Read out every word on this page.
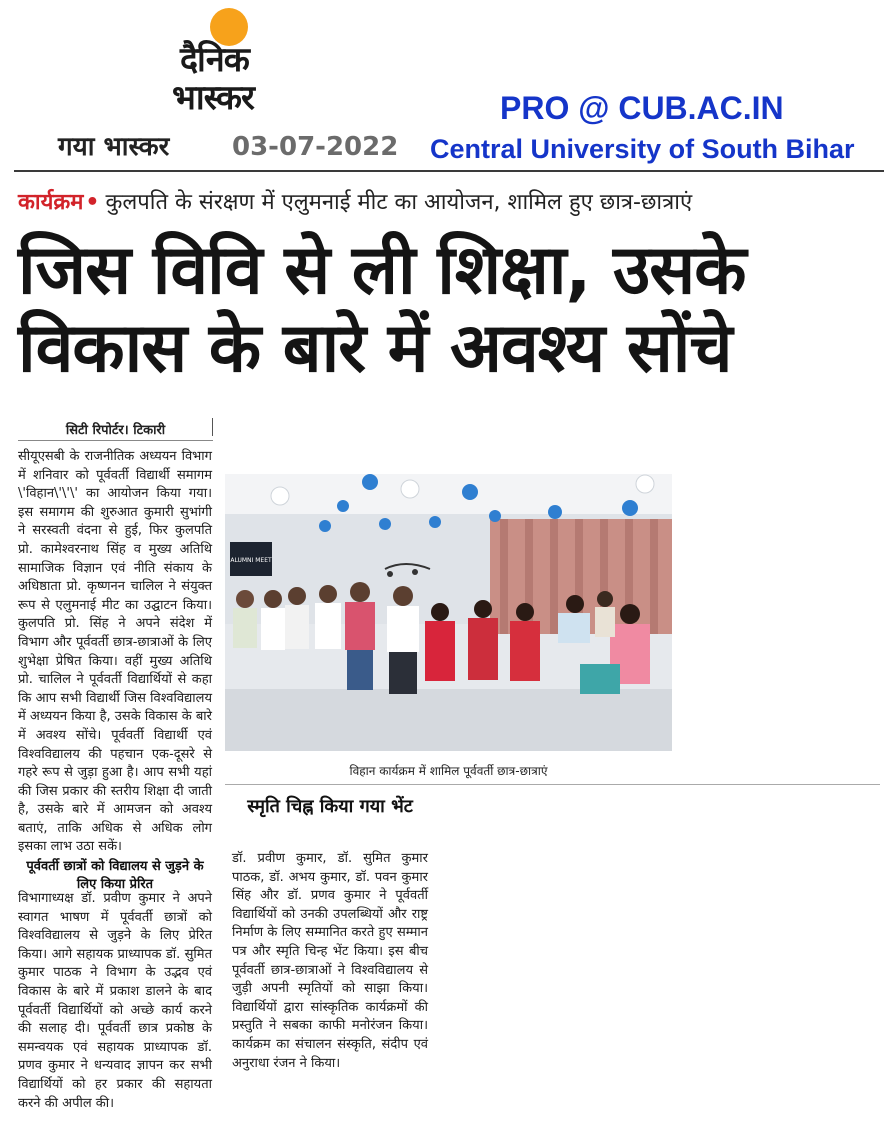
दैनिक
भास्कर
गया भास्कर 03-07-2022
PRO @ CUB.AC.IN
Central University of South Bihar
कार्यक्रम• कुलपति के संरक्षण में एलुमनाई मीट का आयोजन, शामिल हुए छात्र-छात्राएं
जिस विवि से ली शिक्षा, उसके विकास के बारे में अवश्य सोंचे
सिटी रिपोर्टर। टिकारी
सीयूएसबी के राजनीतिक अध्ययन विभाग में शनिवार को पूर्ववर्ती विद्यार्थी समागम \'विहान\'\'\' का आयोजन किया गया। इस समागम की शुरुआत कुमारी सुभांगी ने सरस्वती वंदना से हुई, फिर कुलपति प्रो. कामेश्वरनाथ सिंह व मुख्य अतिथि सामाजिक विज्ञान एवं नीति संकाय के अधिष्ठाता प्रो. कृष्णनन चालिल ने संयुक्त रूप से एलुमनाई मीट का उद्घाटन किया। कुलपति प्रो. सिंह ने अपने संदेश में विभाग और पूर्ववर्ती छात्र-छात्राओं के लिए शुभेक्षा प्रेषित किया। वहीं मुख्य अतिथि प्रो. चालिल ने पूर्ववर्ती विद्यार्थियों से कहा कि आप सभी विद्यार्थी जिस विश्वविद्यालय में अध्ययन किया है, उसके विकास के बारे में अवश्य सोंचे। पूर्ववर्ती विद्यार्थी एवं विश्वविद्यालय की पहचान एक-दूसरे से गहरे रूप से जुड़ा हुआ है। आप सभी यहां की जिस प्रकार की स्तरीय शिक्षा दी जाती है, उसके बारे में आमजन को अवश्य बताएं, ताकि अधिक से अधिक लोग इसका लाभ उठा सकें।
पूर्ववर्ती छात्रों को विद्यालय से जुड़ने के लिए किया प्रेरित
विभागाध्यक्ष डॉ. प्रवीण कुमार ने अपने स्वागत भाषण में पूर्ववर्ती छात्रों को विश्वविद्यालय से जुड़ने के लिए प्रेरित किया। आगे सहायक प्राध्यापक डॉ. सुमित कुमार पाठक ने विभाग के उद्भव एवं विकास के बारे में प्रकाश डालने के बाद पूर्ववर्ती विद्यार्थियों को अच्छे कार्य करने की सलाह दी। पूर्ववर्ती छात्र प्रकोष्ठ के समन्वयक एवं सहायक प्राध्यापक डॉ. प्रणव कुमार ने धन्यवाद ज्ञापन कर सभी विद्यार्थियों को हर प्रकार की सहायता करने की अपील की।
ALUMNI MEET
विहान कार्यक्रम में शामिल पूर्ववर्ती छात्र-छात्राएं
स्मृति चिह्न किया गया भेंट
डॉ. प्रवीण कुमार, डॉ. सुमित कुमार पाठक, डॉ. अभय कुमार, डॉ. पवन कुमार सिंह और डॉ. प्रणव कुमार ने पूर्ववर्ती विद्यार्थियों को उनकी उपलब्धियों और राष्ट्र निर्माण के लिए सम्मानित करते हुए सम्मान पत्र और स्मृति चिन्ह भेंट किया। इस बीच पूर्ववर्ती छात्र-छात्राओं ने विश्वविद्यालय से जुड़ी अपनी स्मृतियों को साझा किया। विद्यार्थियों द्वारा सांस्कृतिक कार्यक्रमों की प्रस्तुति ने सबका काफी मनोरंजन किया। कार्यक्रम का संचालन संस्कृति, संदीप एवं अनुराधा रंजन ने किया।
